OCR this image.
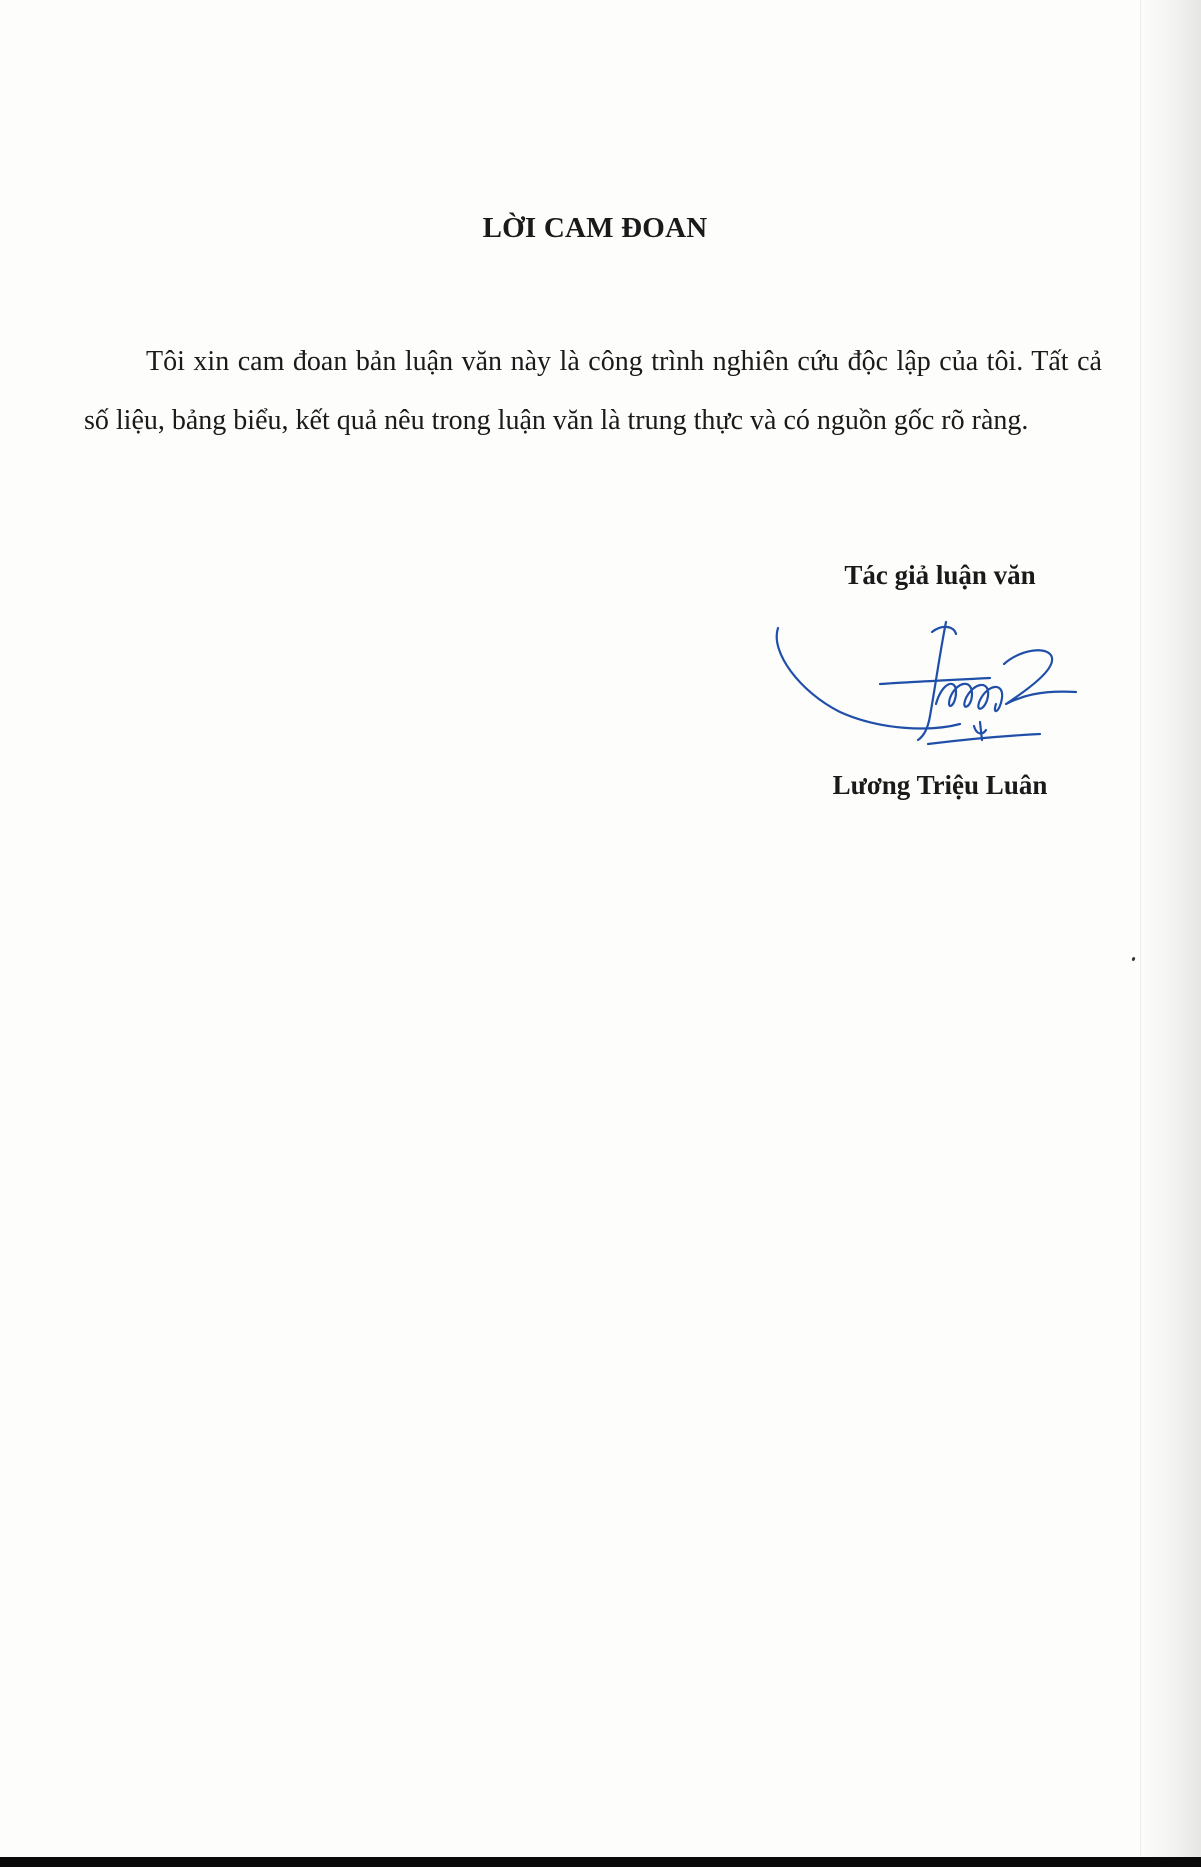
LỜI CAM ĐOAN
Tôi xin cam đoan bản luận văn này là công trình nghiên cứu độc lập của tôi. Tất cả số liệu, bảng biểu, kết quả nêu trong luận văn là trung thực và có nguồn gốc rõ ràng.
Tác giả luận văn
Lương Triệu Luân
